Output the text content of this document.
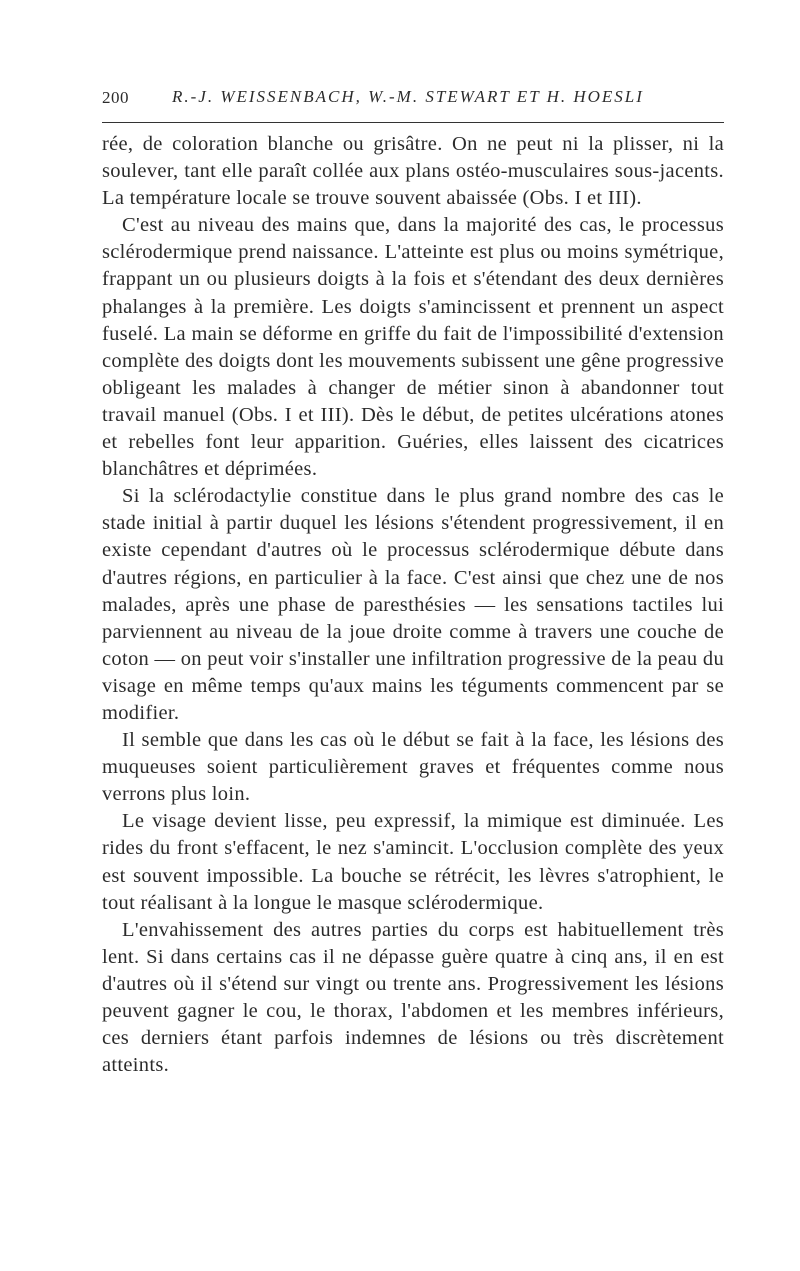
200	R.-J. WEISSENBACH, W.-M. STEWART ET H. HOESLI

rée, de coloration blanche ou grisâtre. On ne peut ni la plisser, ni la soulever, tant elle paraît collée aux plans ostéo-musculaires sous-jacents. La température locale se trouve souvent abaissée (Obs. I et III).

C'est au niveau des mains que, dans la majorité des cas, le processus sclérodermique prend naissance. L'atteinte est plus ou moins symétrique, frappant un ou plusieurs doigts à la fois et s'étendant des deux dernières phalanges à la première. Les doigts s'amincissent et prennent un aspect fuselé. La main se déforme en griffe du fait de l'impossibilité d'extension complète des doigts dont les mouvements subissent une gêne progressive obligeant les malades à changer de métier sinon à abandonner tout travail manuel (Obs. I et III). Dès le début, de petites ulcérations atones et rebelles font leur apparition. Guéries, elles laissent des cicatrices blanchâtres et déprimées.

Si la sclérodactylie constitue dans le plus grand nombre des cas le stade initial à partir duquel les lésions s'étendent progressivement, il en existe cependant d'autres où le processus sclérodermique débute dans d'autres régions, en particulier à la face. C'est ainsi que chez une de nos malades, après une phase de paresthésies — les sensations tactiles lui parviennent au niveau de la joue droite comme à travers une couche de coton — on peut voir s'installer une infiltration progressive de la peau du visage en même temps qu'aux mains les téguments commencent par se modifier.

Il semble que dans les cas où le début se fait à la face, les lésions des muqueuses soient particulièrement graves et fréquentes comme nous verrons plus loin.

Le visage devient lisse, peu expressif, la mimique est diminuée. Les rides du front s'effacent, le nez s'amincit. L'occlusion complète des yeux est souvent impossible. La bouche se rétrécit, les lèvres s'atrophient, le tout réalisant à la longue le masque sclérodermique.

L'envahissement des autres parties du corps est habituellement très lent. Si dans certains cas il ne dépasse guère quatre à cinq ans, il en est d'autres où il s'étend sur vingt ou trente ans. Progressivement les lésions peuvent gagner le cou, le thorax, l'abdomen et les membres inférieurs, ces derniers étant parfois indemnes de lésions ou très discrètement atteints.
